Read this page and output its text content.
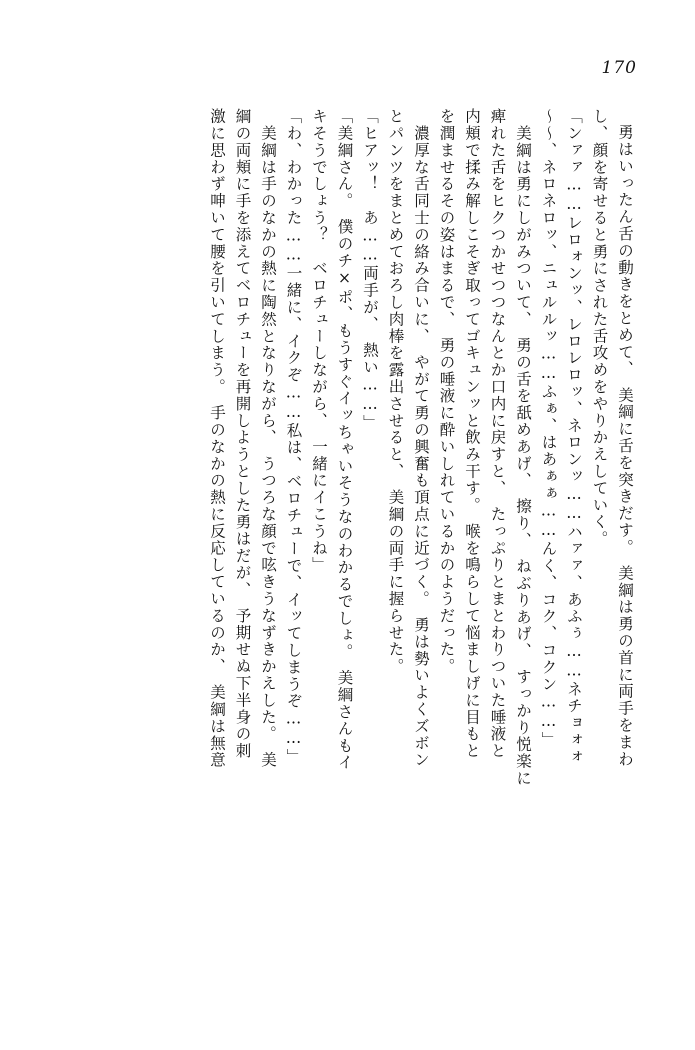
170
勇はいったん舌の動きをとめて、　美綱に舌を突きだす。　美綱は勇の首に両手をまわ
し、顔を寄せると勇にされた舌攻めをやりかえしていく。
「ンァァ……レロォンッ、レロレロッ、ネロンッ……ハァァ、あふぅ……ネチョォォ
〜〜、ネロネロッ、ニュルルッ……ふぁ、はあぁぁ……んく、コク、コクン……」
　美綱は勇にしがみついて、　勇の舌を舐めあげ、　擦り、　ねぶりあげ、　すっかり悦楽に
痺れた舌をヒクつかせつつなんとか口内に戻すと、　たっぷりとまとわりついた唾液と
内頬で揉み解しこそぎ取ってゴキュンッと飲み干す。　喉を鳴らして悩ましげに目もと
を潤ませるその姿はまるで、　勇の唾液に酔いしれているかのようだった。
　濃厚な舌同士の絡み合いに、　やがて勇の興奮も頂点に近づく。　勇は勢いよくズボン
とパンツをまとめておろし肉棒を露出させると、　美綱の両手に握らせた。
「ヒアッ！　あ……両手が、　熱い……」
「美綱さん。　僕のチ×ポ、もうすぐイッちゃいそうなのわかるでしょ。　美綱さんもイ
キそうでしょう？　ベロチューしながら、　一緒にイこうね」
「わ、わかった……一緒に、イクぞ……私は、ベロチューで、イッてしまうぞ……」
　美綱は手のなかの熱に陶然となりながら、　うつろな顔で呟きうなずきかえした。　美
綱の両頬に手を添えてベロチューを再開しようとした勇はだが、　予期せぬ下半身の刺
激に思わず呻いて腰を引いてしまう。　手のなかの熱に反応しているのか、　美綱は無意
